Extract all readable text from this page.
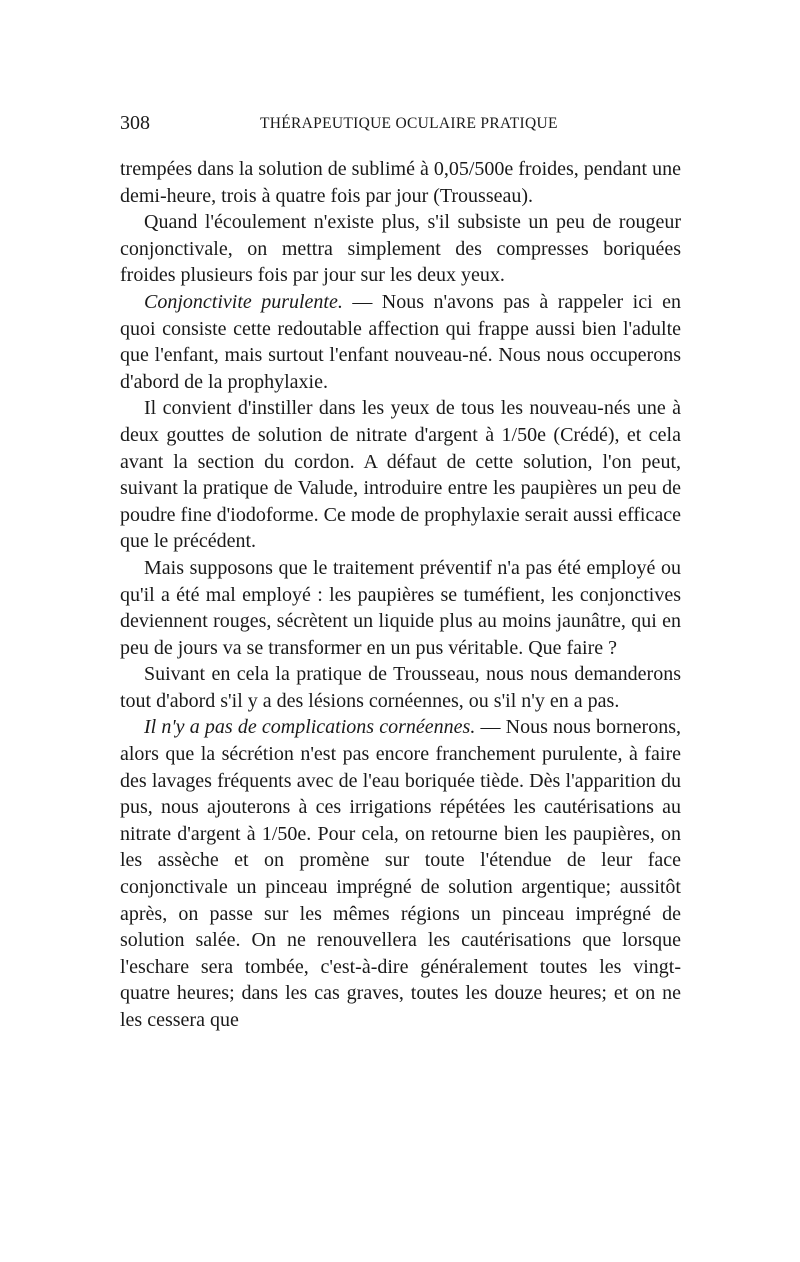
308	THÉRAPEUTIQUE OCULAIRE PRATIQUE

trempées dans la solution de sublimé à 0,05/500e froides, pendant une demi-heure, trois à quatre fois par jour (Trousseau).

Quand l'écoulement n'existe plus, s'il subsiste un peu de rougeur conjonctivale, on mettra simplement des compresses boriquées froides plusieurs fois par jour sur les deux yeux.

Conjonctivite purulente. — Nous n'avons pas à rappeler ici en quoi consiste cette redoutable affection qui frappe aussi bien l'adulte que l'enfant, mais surtout l'enfant nouveau-né. Nous nous occuperons d'abord de la prophylaxie.

Il convient d'instiller dans les yeux de tous les nouveau-nés une à deux gouttes de solution de nitrate d'argent à 1/50e (Crédé), et cela avant la section du cordon. A défaut de cette solution, l'on peut, suivant la pratique de Valude, introduire entre les paupières un peu de poudre fine d'iodoforme. Ce mode de prophylaxie serait aussi efficace que le précédent.

Mais supposons que le traitement préventif n'a pas été employé ou qu'il a été mal employé : les paupières se tuméfient, les conjonctives deviennent rouges, sécrètent un liquide plus au moins jaunâtre, qui en peu de jours va se transformer en un pus véritable. Que faire ?

Suivant en cela la pratique de Trousseau, nous nous demanderons tout d'abord s'il y a des lésions cornéennes, ou s'il n'y en a pas.

Il n'y a pas de complications cornéennes. — Nous nous bornerons, alors que la sécrétion n'est pas encore franchement purulente, à faire des lavages fréquents avec de l'eau boriquée tiède. Dès l'apparition du pus, nous ajouterons à ces irrigations répétées les cautérisations au nitrate d'argent à 1/50e. Pour cela, on retourne bien les paupières, on les assèche et on promène sur toute l'étendue de leur face conjonctivale un pinceau imprégné de solution argentique; aussitôt après, on passe sur les mêmes régions un pinceau imprégné de solution salée. On ne renouvellera les cautérisations que lorsque l'eschare sera tombée, c'est-à-dire généralement toutes les vingt-quatre heures; dans les cas graves, toutes les douze heures; et on ne les cessera que
